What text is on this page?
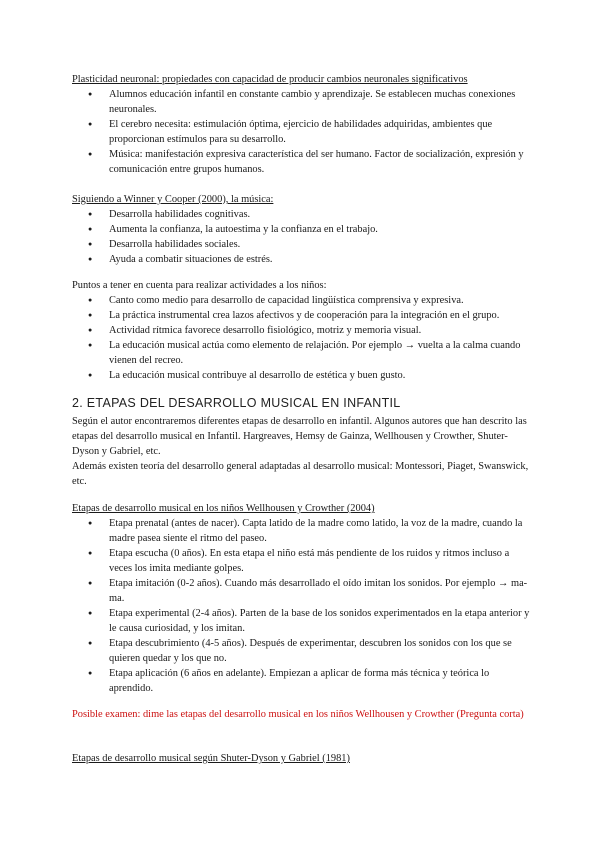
Plasticidad neuronal: propiedades con capacidad de producir cambios neuronales significativos
● Alumnos educación infantil en constante cambio y aprendizaje. Se establecen muchas conexiones neuronales.
● El cerebro necesita: estimulación óptima, ejercicio de habilidades adquiridas, ambientes que proporcionan estímulos para su desarrollo.
● Música: manifestación expresiva característica del ser humano. Factor de socialización, expresión y comunicación entre grupos humanos.
Siguiendo a Winner y Cooper (2000), la música:
● Desarrolla habilidades cognitivas.
● Aumenta la confianza, la autoestima y la confianza en el trabajo.
● Desarrolla habilidades sociales.
● Ayuda a combatir situaciones de estrés.
Puntos a tener en cuenta para realizar actividades a los niños:
● Canto como medio para desarrollo de capacidad lingüística comprensiva y expresiva.
● La práctica instrumental crea lazos afectivos y de cooperación para la integración en el grupo.
● Actividad rítmica favorece desarrollo fisiológico, motriz y memoria visual.
● La educación musical actúa como elemento de relajación. Por ejemplo → vuelta a la calma cuando vienen del recreo.
● La educación musical contribuye al desarrollo de estética y buen gusto.
2. ETAPAS DEL DESARROLLO MUSICAL EN INFANTIL
Según el autor encontraremos diferentes etapas de desarrollo en infantil. Algunos autores que han descrito las etapas del desarrollo musical en Infantil. Hargreaves, Hemsy de Gainza, Wellhousen y Crowther, Shuter-Dyson y Gabriel, etc.
Además existen teoría del desarrollo general adaptadas al desarrollo musical: Montessori, Piaget, Swanswick, etc.
Etapas de desarrollo musical en los niños Wellhousen y Crowther (2004)
● Etapa prenatal (antes de nacer). Capta latido de la madre como latido, la voz de la madre, cuando la madre pasea siente el ritmo del paseo.
● Etapa escucha (0 años). En esta etapa el niño está más pendiente de los ruidos y ritmos incluso a veces los imita mediante golpes.
● Etapa imitación (0-2 años). Cuando más desarrollado el oído imitan los sonidos. Por ejemplo → ma-ma.
● Etapa experimental (2-4 años). Parten de la base de los sonidos experimentados en la etapa anterior y le causa curiosidad, y los imitan.
● Etapa descubrimiento (4-5 años). Después de experimentar, descubren los sonidos con los que se quieren quedar y los que no.
● Etapa aplicación (6 años en adelante). Empiezan a aplicar de forma más técnica y teórica lo aprendido.
Posible examen: dime las etapas del desarrollo musical en los niños Wellhousen y Crowther (Pregunta corta)
Etapas de desarrollo musical según Shuter-Dyson y Gabriel (1981)
